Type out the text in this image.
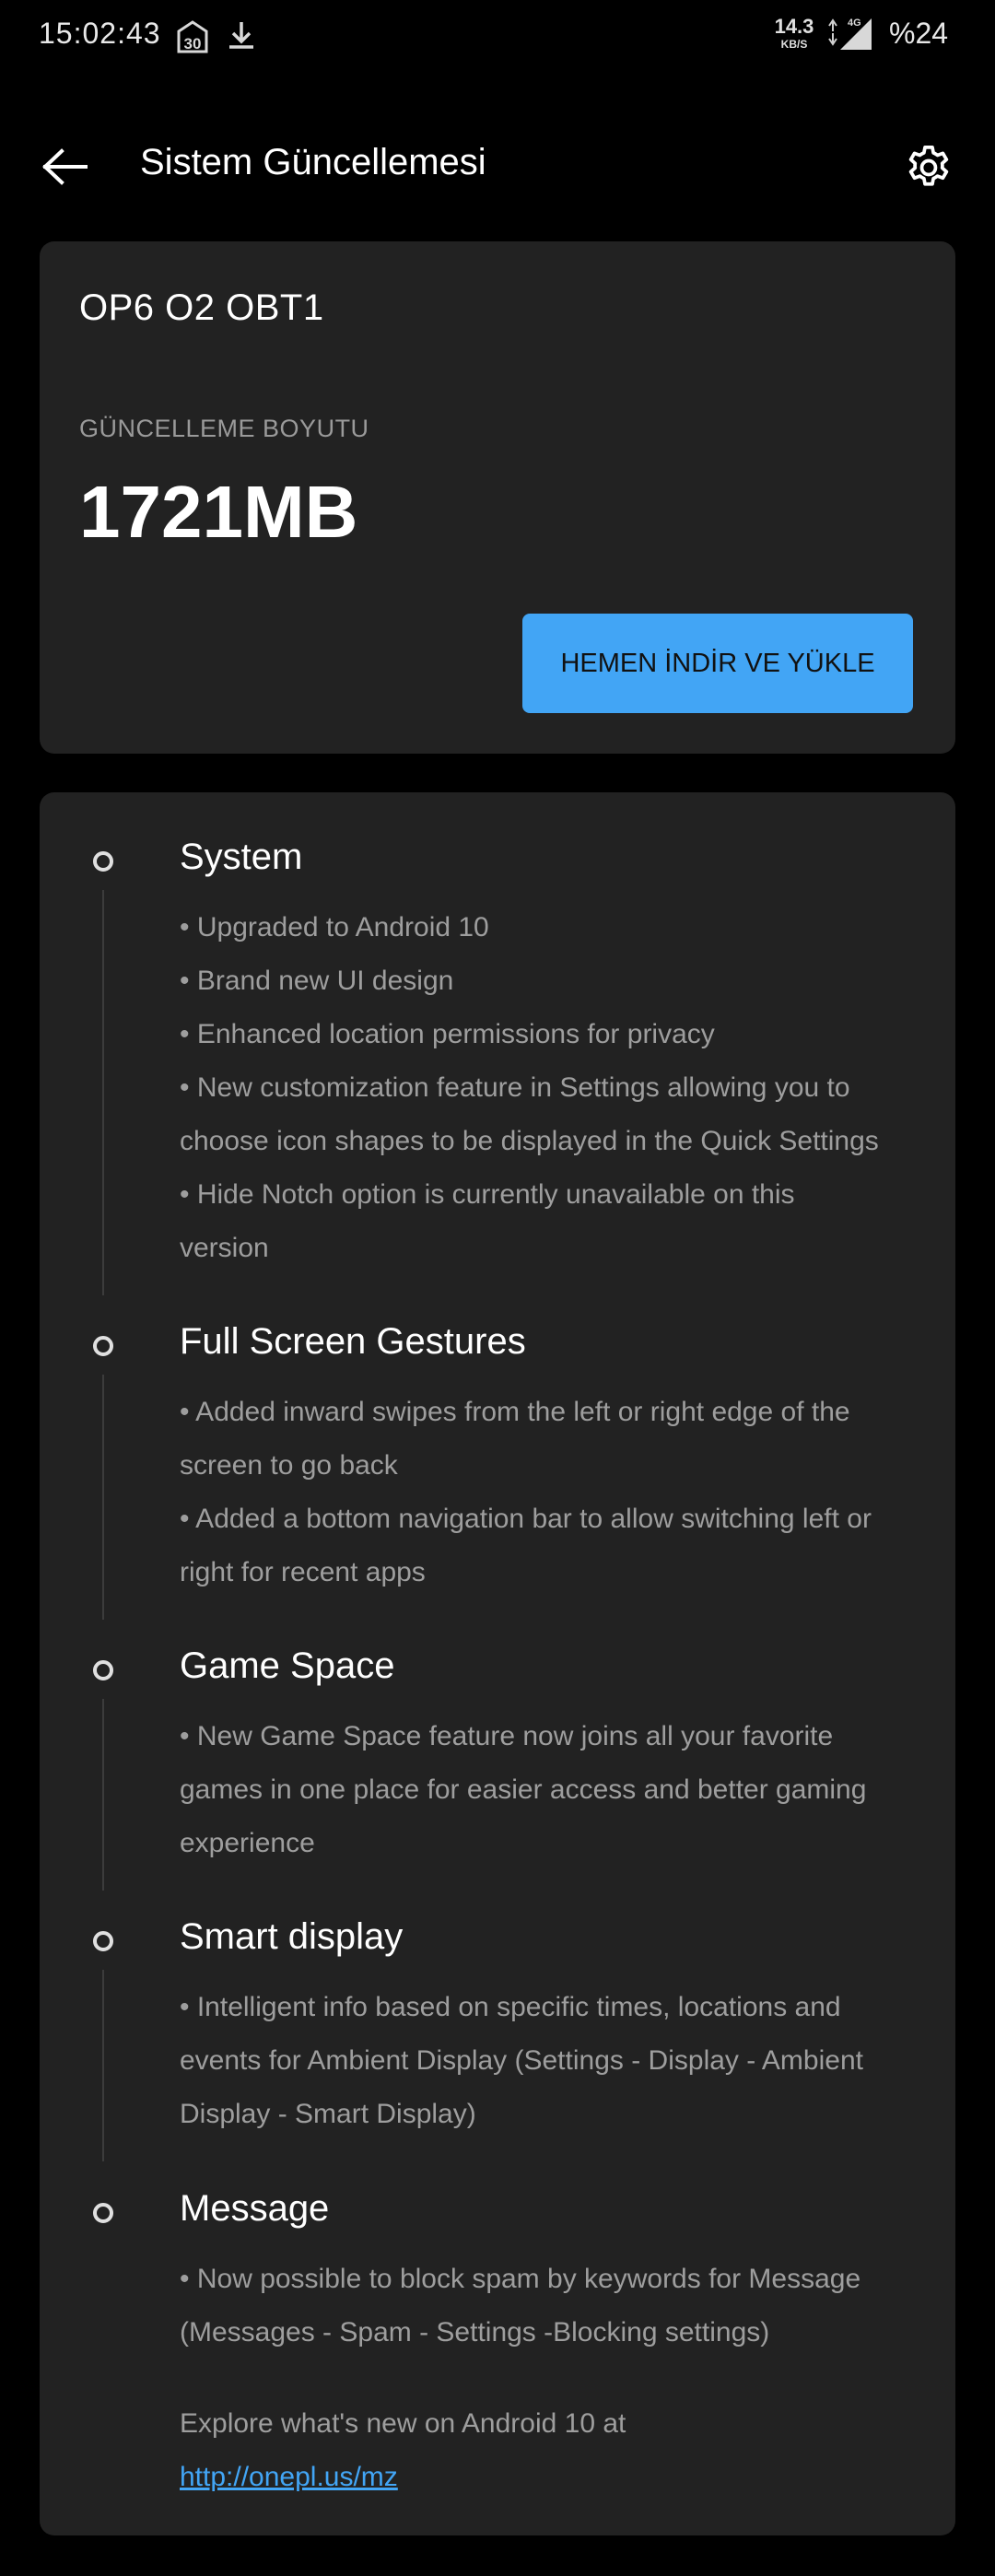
15:02:43 30
14.3
KB/S
4G %24
Sistem Güncellemesi
OP6 O2 OBT1
GÜNCELLEME BOYUTU
1721MB
HEMEN İNDİR VE YÜKLE
System
• Upgraded to Android 10
• Brand new UI design
• Enhanced location permissions for privacy
• New customization feature in Settings allowing you to
choose icon shapes to be displayed in the Quick Settings
• Hide Notch option is currently unavailable on this
version
Full Screen Gestures
• Added inward swipes from the left or right edge of the
screen to go back
• Added a bottom navigation bar to allow switching left or
right for recent apps
Game Space
• New Game Space feature now joins all your favorite
games in one place for easier access and better gaming
experience
Smart display
• Intelligent info based on specific times, locations and
events for Ambient Display (Settings - Display - Ambient
Display - Smart Display)
Message
• Now possible to block spam by keywords for Message
(Messages - Spam - Settings -Blocking settings)
Explore what's new on Android 10 at
http://onepl.us/mz
